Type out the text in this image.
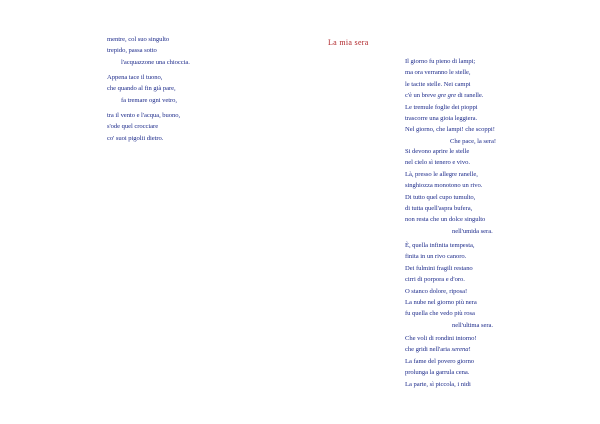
La mia sera
mentre, col suo singulto
trepido, passa sotto
l'acquazzone una chioccia.
Appena tace il tuono,
che quando al fin già pare,
fa tremare ogni vetro,
tra il vento e l'acqua, buono,
s'ode quel crocciare
co' suoi pigolii dietro.
Il giorno fu pieno di lampi;
ma ora verranno le stelle,
le tacite stelle. Nei campi
c'è un breve gre gre di ranelle.
Le tremule foglie dei pioppi
trascorre una gioia leggiera.
Nel giorno, che lampi! che scoppi!
Che pace, la sera!
Si devono aprire le stelle
nel cielo sì tenero e vivo.
Là, presso le allegre ranelle,
singhiozza monotono un rivo.
Di tutto quel cupo tumulto,
di tutta quell'aspra bufera,
non resta che un dolce singulto
nell'umida sera.
È, quella infinita tempesta,
finita in un rivo canoro.
Dei fulmini fragili restano
cirri di porpora e d'oro.
O stanco dolore, riposa!
La nube nel giorno più nera
fu quella che vedo più rosa
nell'ultima sera.
Che voli di rondini intorno!
che gridi nell'aria serena!
La fame del povero giorno
prolunga la garrula cena.
La parte, sì piccola, i nidi
